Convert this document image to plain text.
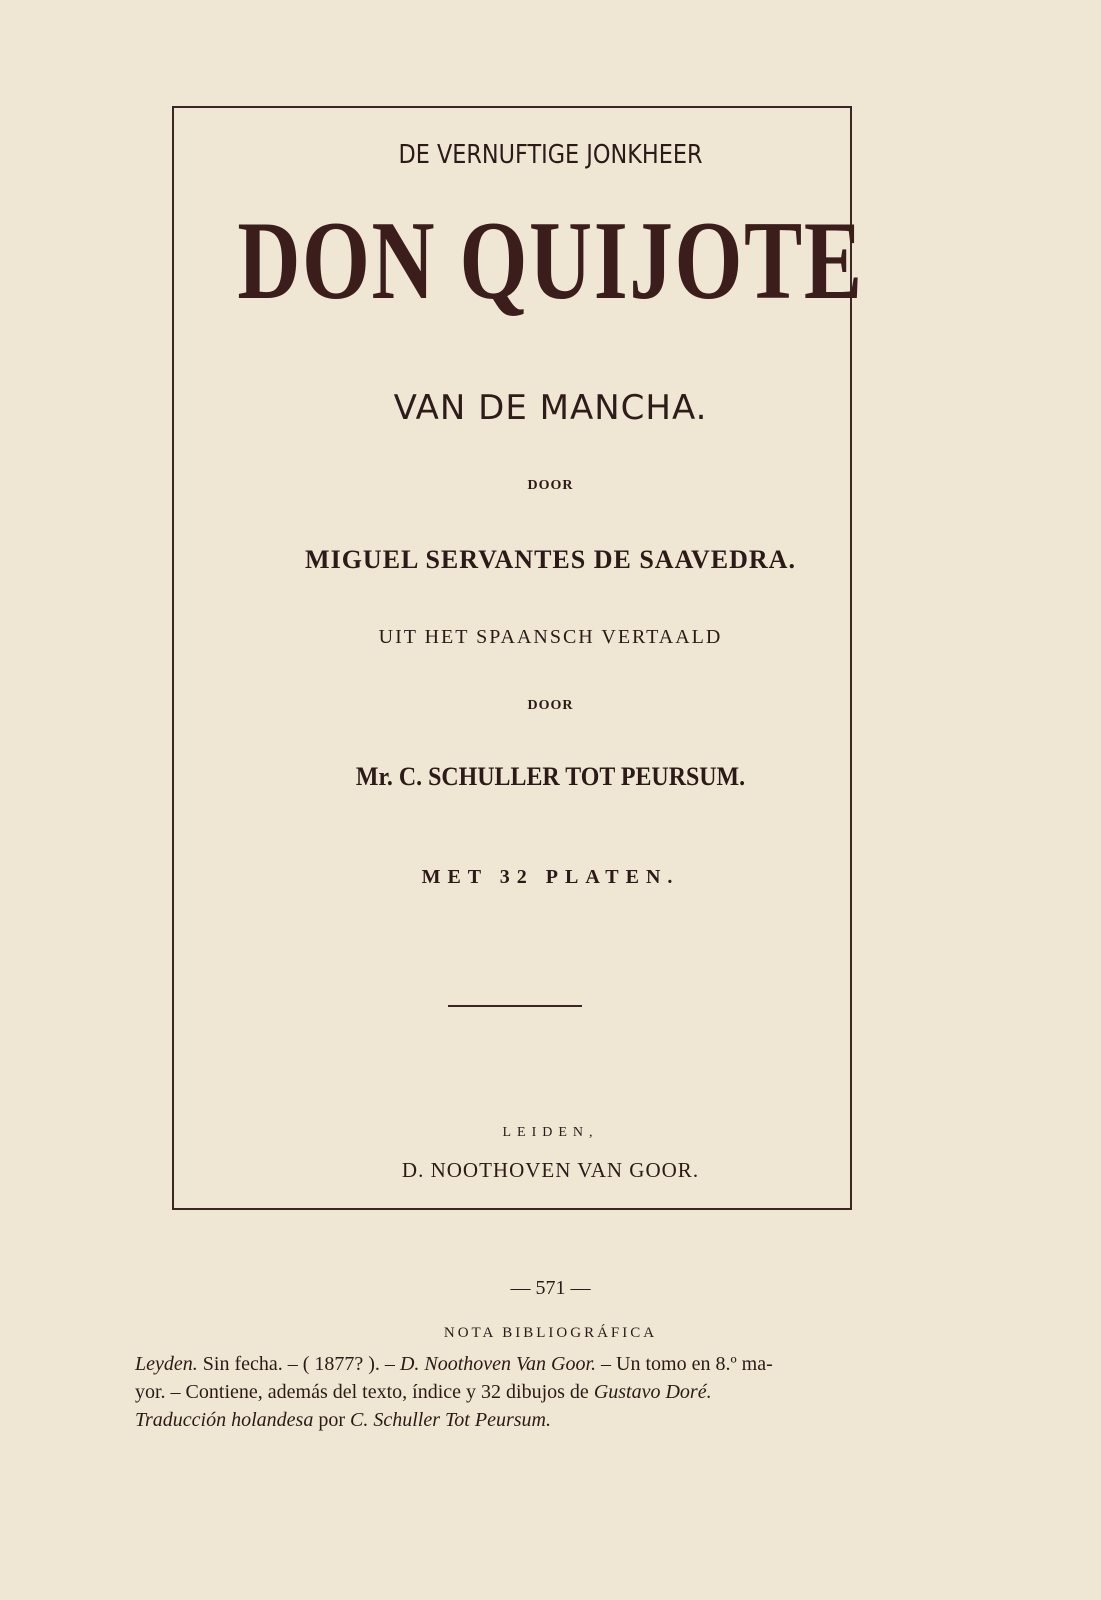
DE VERNUFTIGE JONKHEER

DON QUIJOTE

VAN DE MANCHA.

DOOR

MIGUEL SERVANTES DE SAAVEDRA.

UIT HET SPAANSCH VERTAALD

DOOR

Mr. C. SCHULLER TOT PEURSUM.

MET 32 PLATEN.

LEIDEN,

D. NOOTHOVEN VAN GOOR.

— 571 —

NOTA BIBLIOGRÁFICA

Leyden. Sin fecha. – ( 1877? ). – D. Noothoven Van Goor. – Un tomo en 8.º ma-

yor. – Contiene, además del texto, índice y 32 dibujos de Gustavo Doré.

Traducción holandesa por C. Schuller Tot Peursum.
